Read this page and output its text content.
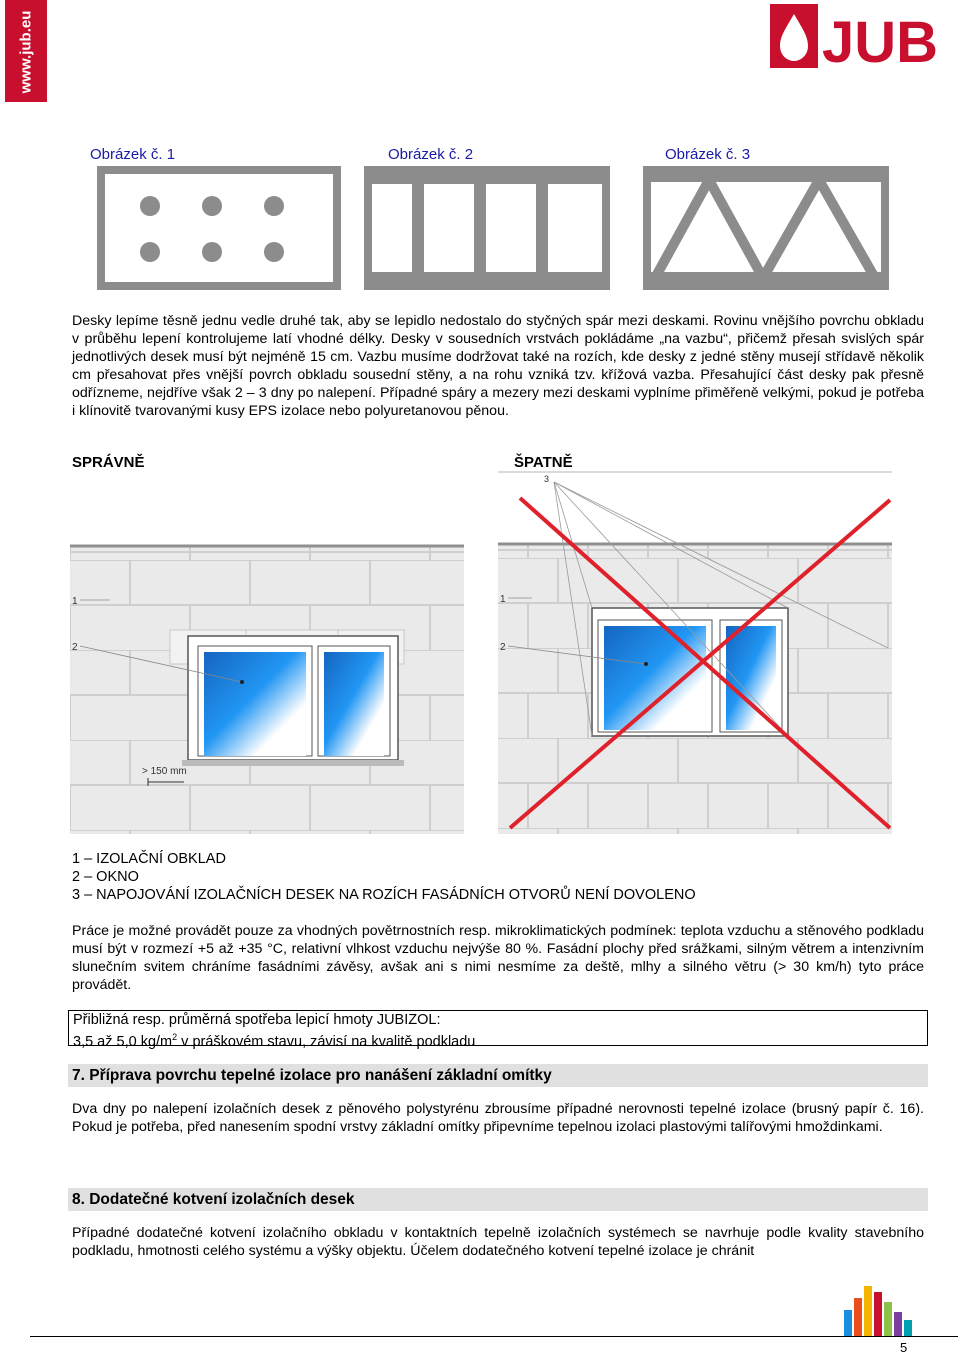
www.jub.eu	JUB
Obrázek č. 1	Obrázek č. 2	Obrázek č. 3

Desky lepíme těsně jednu vedle druhé tak, aby se lepidlo nedostalo do styčných spár mezi deskami. Rovinu vnějšího povrchu obkladu v průběhu lepení kontrolujeme latí vhodné délky. Desky v sousedních vrstvách pokládáme „na vazbu“, přičemž přesah svislých spár jednotlivých desek musí být nejméně 15 cm. Vazbu musíme dodržovat také na rozích, kde desky z jedné stěny musejí střídavě několik cm přesahovat přes vnější povrch obkladu sousední stěny, a na rohu vzniká tzv. křížová vazba. Přesahující část desky pak přesně odřízneme, nejdříve však 2 – 3 dny po nalepení. Případné spáry a mezery mezi deskami vyplníme přiměřeně velkými, pokud je potřeba i klínovitě tvarovanými kusy EPS izolace nebo polyuretanovou pěnou.

SPRÁVNĚ	ŠPATNĚ
> 150 mm
1
2
3
1
2
1 – IZOLAČNÍ OBKLAD
2 – OKNO
3 – NAPOJOVÁNÍ IZOLAČNÍCH DESEK NA ROZÍCH FASÁDNÍCH OTVORŮ NENÍ DOVOLENO

Práce je možné provádět pouze za vhodných povětrnostních resp. mikroklimatických podmínek: teplota vzduchu a stěnového podkladu musí být v rozmezí +5 až +35 °C, relativní vlhkost vzduchu nejvýše 80 %. Fasádní plochy před srážkami, silným větrem a intenzivním slunečním svitem chráníme fasádními závěsy, avšak ani s nimi nesmíme za deště, mlhy a silného větru (> 30 km/h) tyto práce provádět.

Přibližná resp. průměrná spotřeba lepicí hmoty JUBIZOL:
3,5 až 5,0 $kg/m^2$ v práškovém stavu, závisí na kvalitě podkladu
7. Příprava povrchu tepelné izolace pro nanášení základní omítky

Dva dny po nalepení izolačních desek z pěnového polystyrénu zbrousíme případné nerovnosti tepelné izolace (brusný papír č. 16). Pokud je potřeba, před nanesením spodní vrstvy základní omítky připevníme tepelnou izolaci plastovými talířovými hmoždinkami.

8. Dodatečné kotvení izolačních desek

Případné dodatečné kotvení izolačního obkladu v kontaktních tepelně izolačních systémech se navrhuje podle kvality stavebního podkladu, hmotnosti celého systému a výšky objektu. Účelem dodatečného kotvení tepelné izolace je chránit

5
